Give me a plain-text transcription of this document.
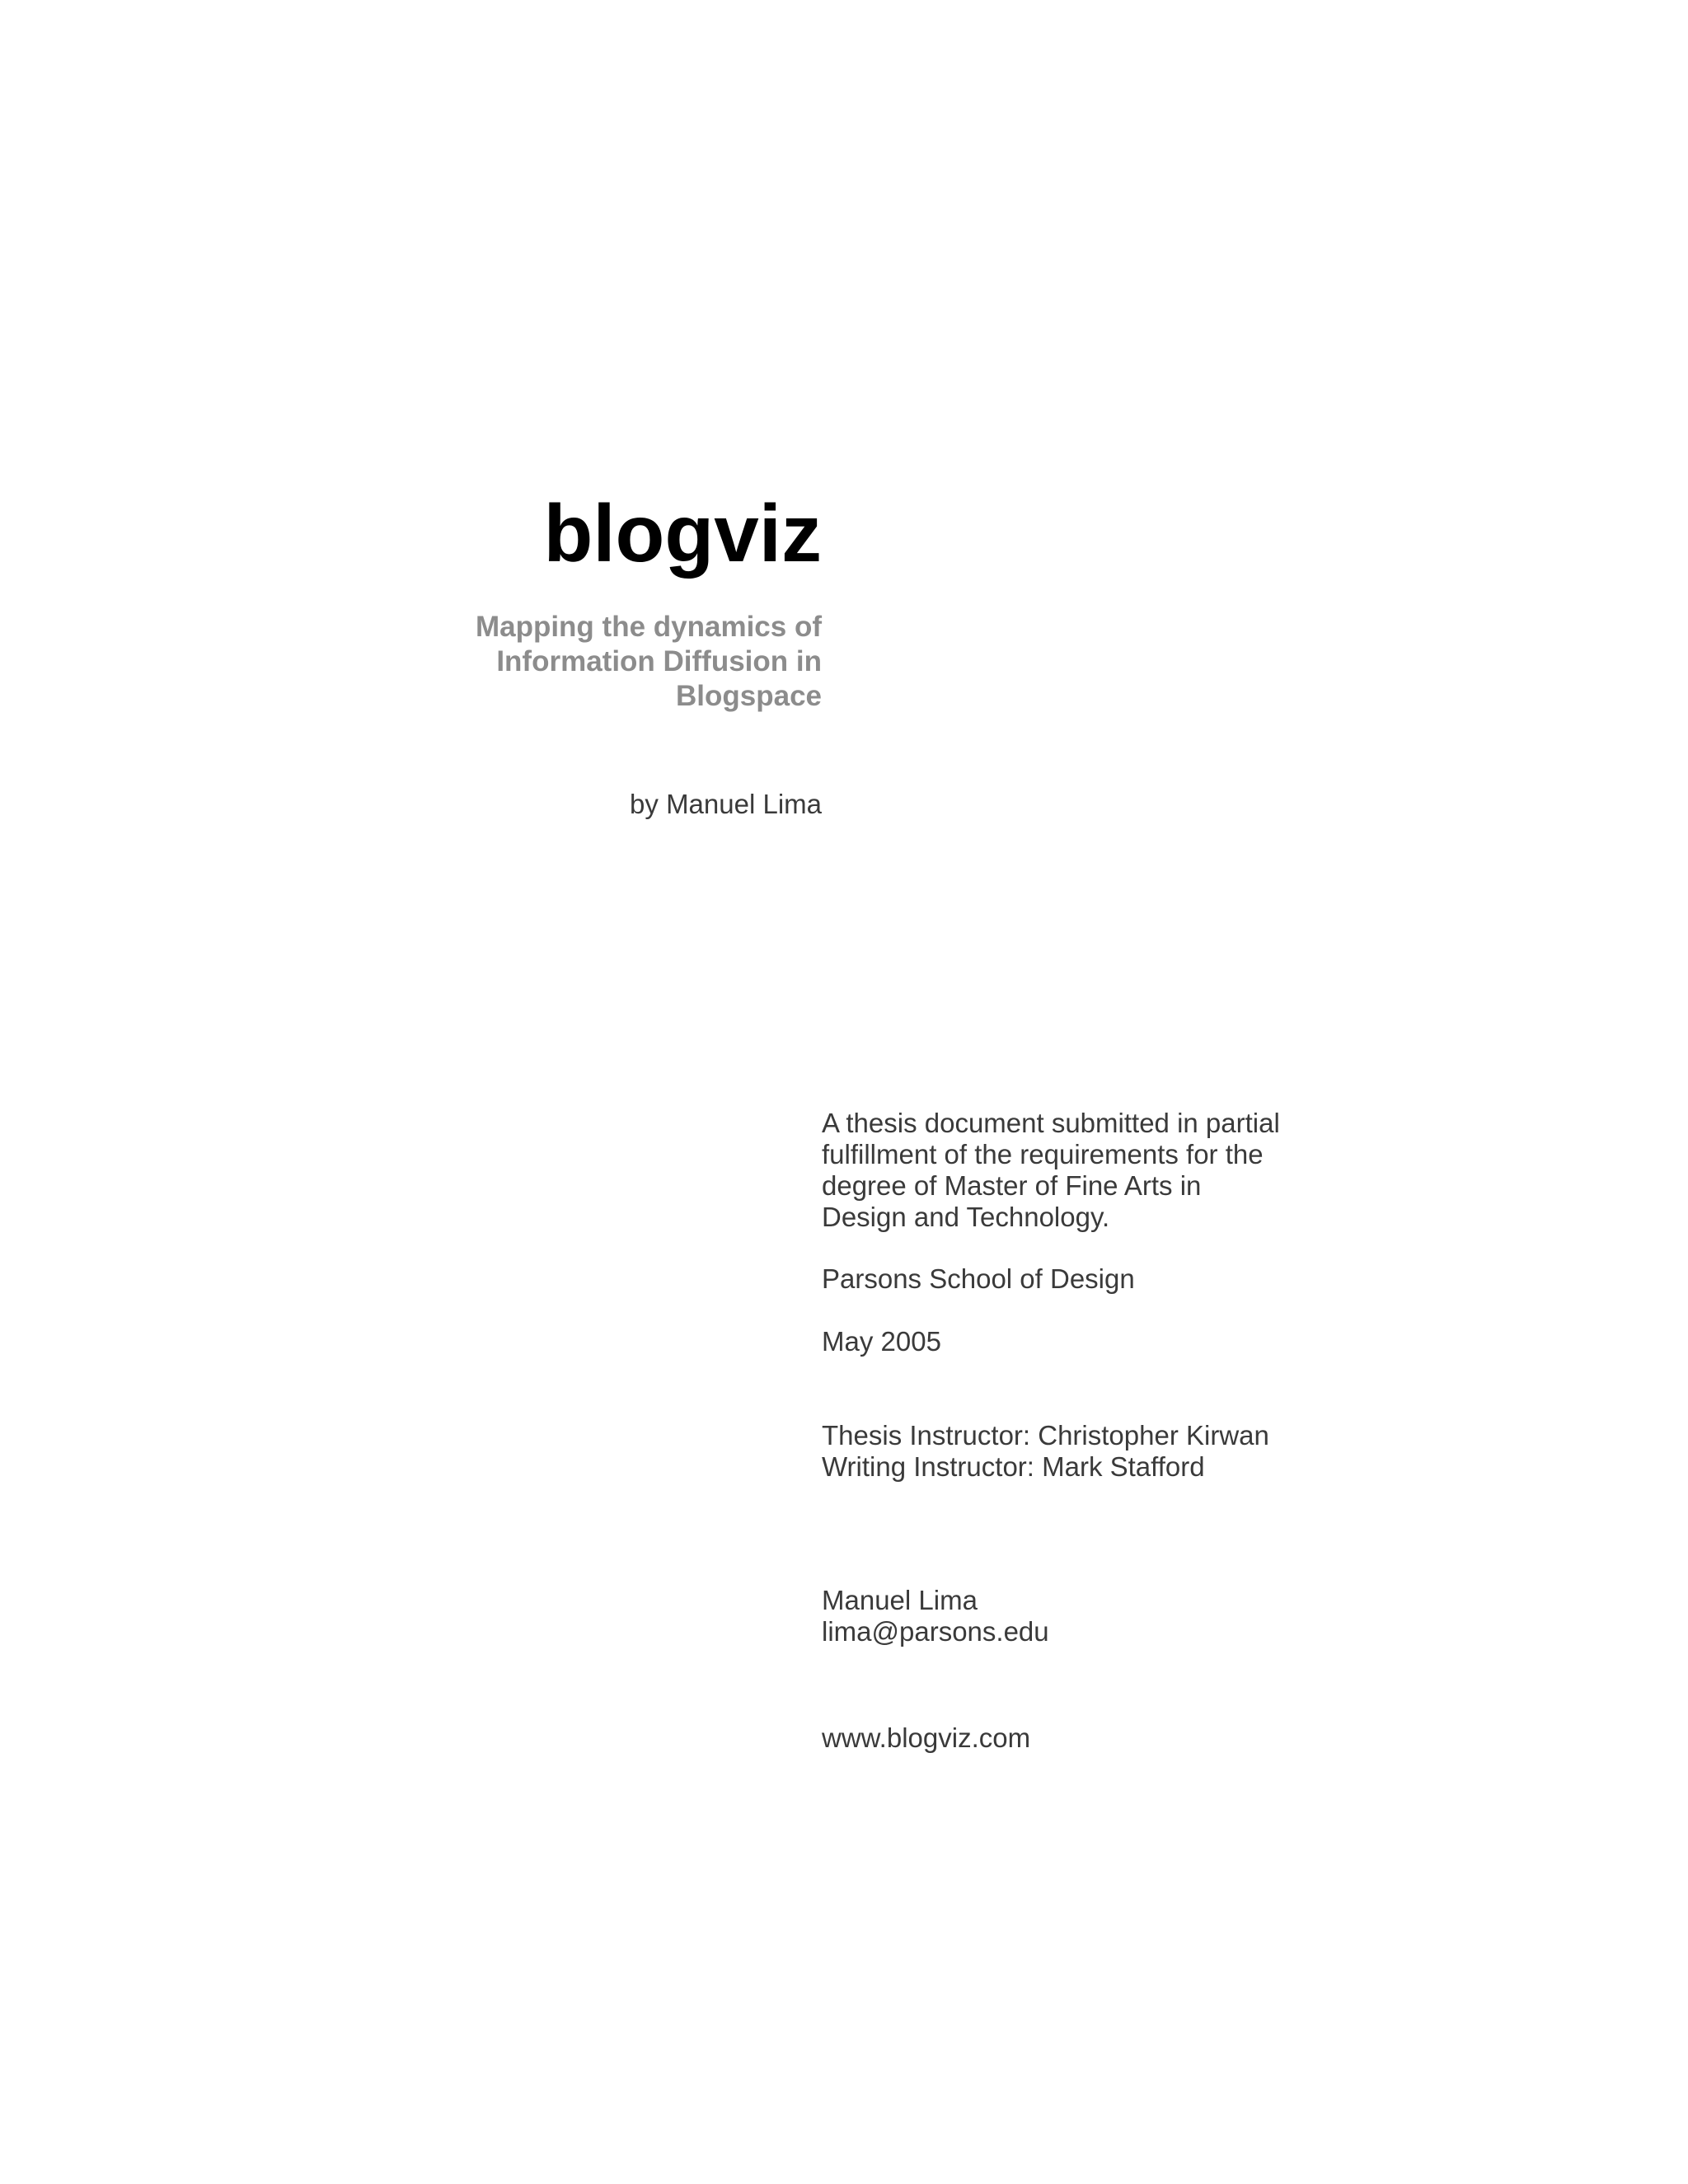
blogviz
Mapping the dynamics of
Information Diffusion in
Blogspace
by Manuel Lima
A thesis document submitted in partial
fulfillment of the requirements for the
degree of Master of Fine Arts in
Design and Technology.
Parsons School of Design
May 2005
Thesis Instructor: Christopher Kirwan
Writing Instructor: Mark Stafford
Manuel Lima
lima@parsons.edu
www.blogviz.com
